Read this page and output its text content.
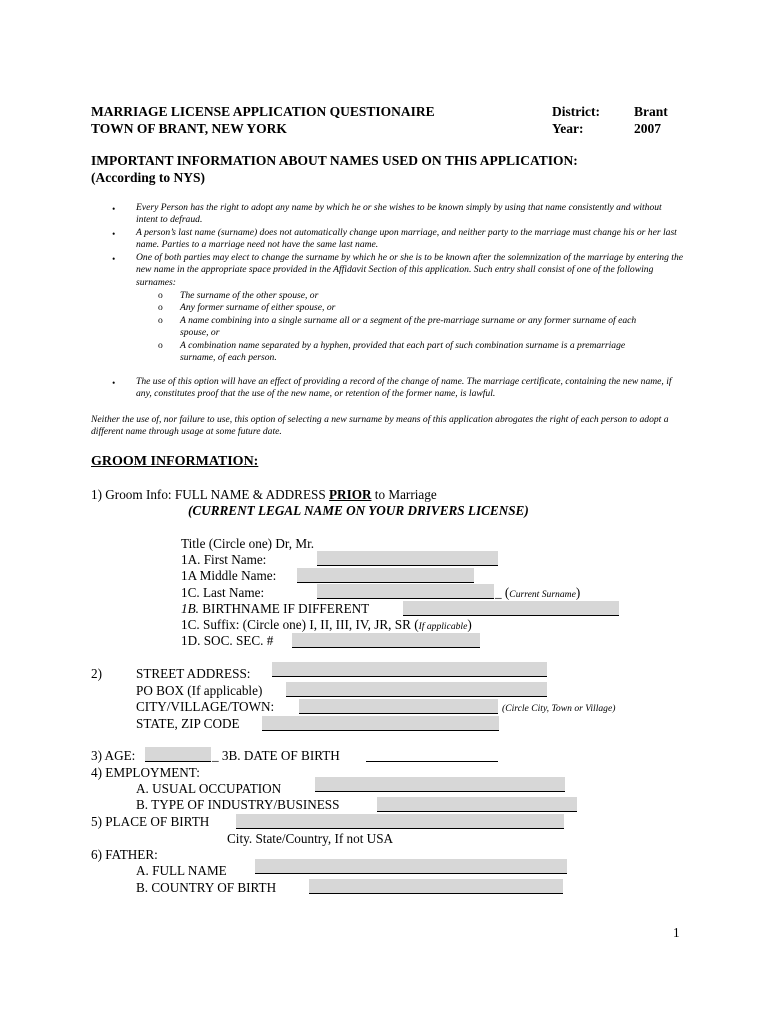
MARRIAGE LICENSE APPLICATION QUESTIONAIRE
TOWN OF BRANT, NEW YORK
District:	Brant
Year:	2007
IMPORTANT INFORMATION ABOUT NAMES USED ON THIS APPLICATION:
(According to NYS)
• Every Person has the right to adopt any name by which he or she wishes to be known simply by using that name consistently and without intent to defraud.
• A person’s last name (surname) does not automatically change upon marriage, and neither party to the marriage must change his or her last name. Parties to a marriage need not have the same last name.
• One of both parties may elect to change the surname by which he or she is to be known after the solemnization of the marriage by entering the new name in the appropriate space provided in the Affidavit Section of this application. Such entry shall consist of one of the following surnames:
o The surname of the other spouse, or
o Any former surname of either spouse, or
o A name combining into a single surname all or a segment of the pre-marriage surname or any former surname of each spouse, or
o A combination name separated by a hyphen, provided that each part of such combination surname is a premarriage surname, of each person.
• The use of this option will have an effect of providing a record of the change of name. The marriage certificate, containing the new name, if any, constitutes proof that the use of the new name, or retention of the former name, is lawful.
Neither the use of, nor failure to use, this option of selecting a new surname by means of this application abrogates the right of each person to adopt a different name through usage at some future date.
GROOM INFORMATION:
1) Groom Info: FULL NAME & ADDRESS PRIOR to Marriage
(CURRENT LEGAL NAME ON YOUR DRIVERS LICENSE)
Title (Circle one) Dr, Mr.
1A. First Name:
1A Middle Name:
1C. Last Name:	_ (Current Surname)
1B. BIRTHNAME IF DIFFERENT
1C. Suffix: (Circle one) I, II, III, IV, JR, SR (If applicable)
1D. SOC. SEC. #
2)	STREET ADDRESS:
PO BOX (If applicable)
CITY/VILLAGE/TOWN:	(Circle City, Town or Village)
STATE, ZIP CODE
3) AGE:	_ 3B. DATE OF BIRTH
4) EMPLOYMENT:
A. USUAL OCCUPATION
B. TYPE OF INDUSTRY/BUSINESS
5) PLACE OF BIRTH
City. State/Country, If not USA
6) FATHER:
A. FULL NAME
B. COUNTRY OF BIRTH
1
